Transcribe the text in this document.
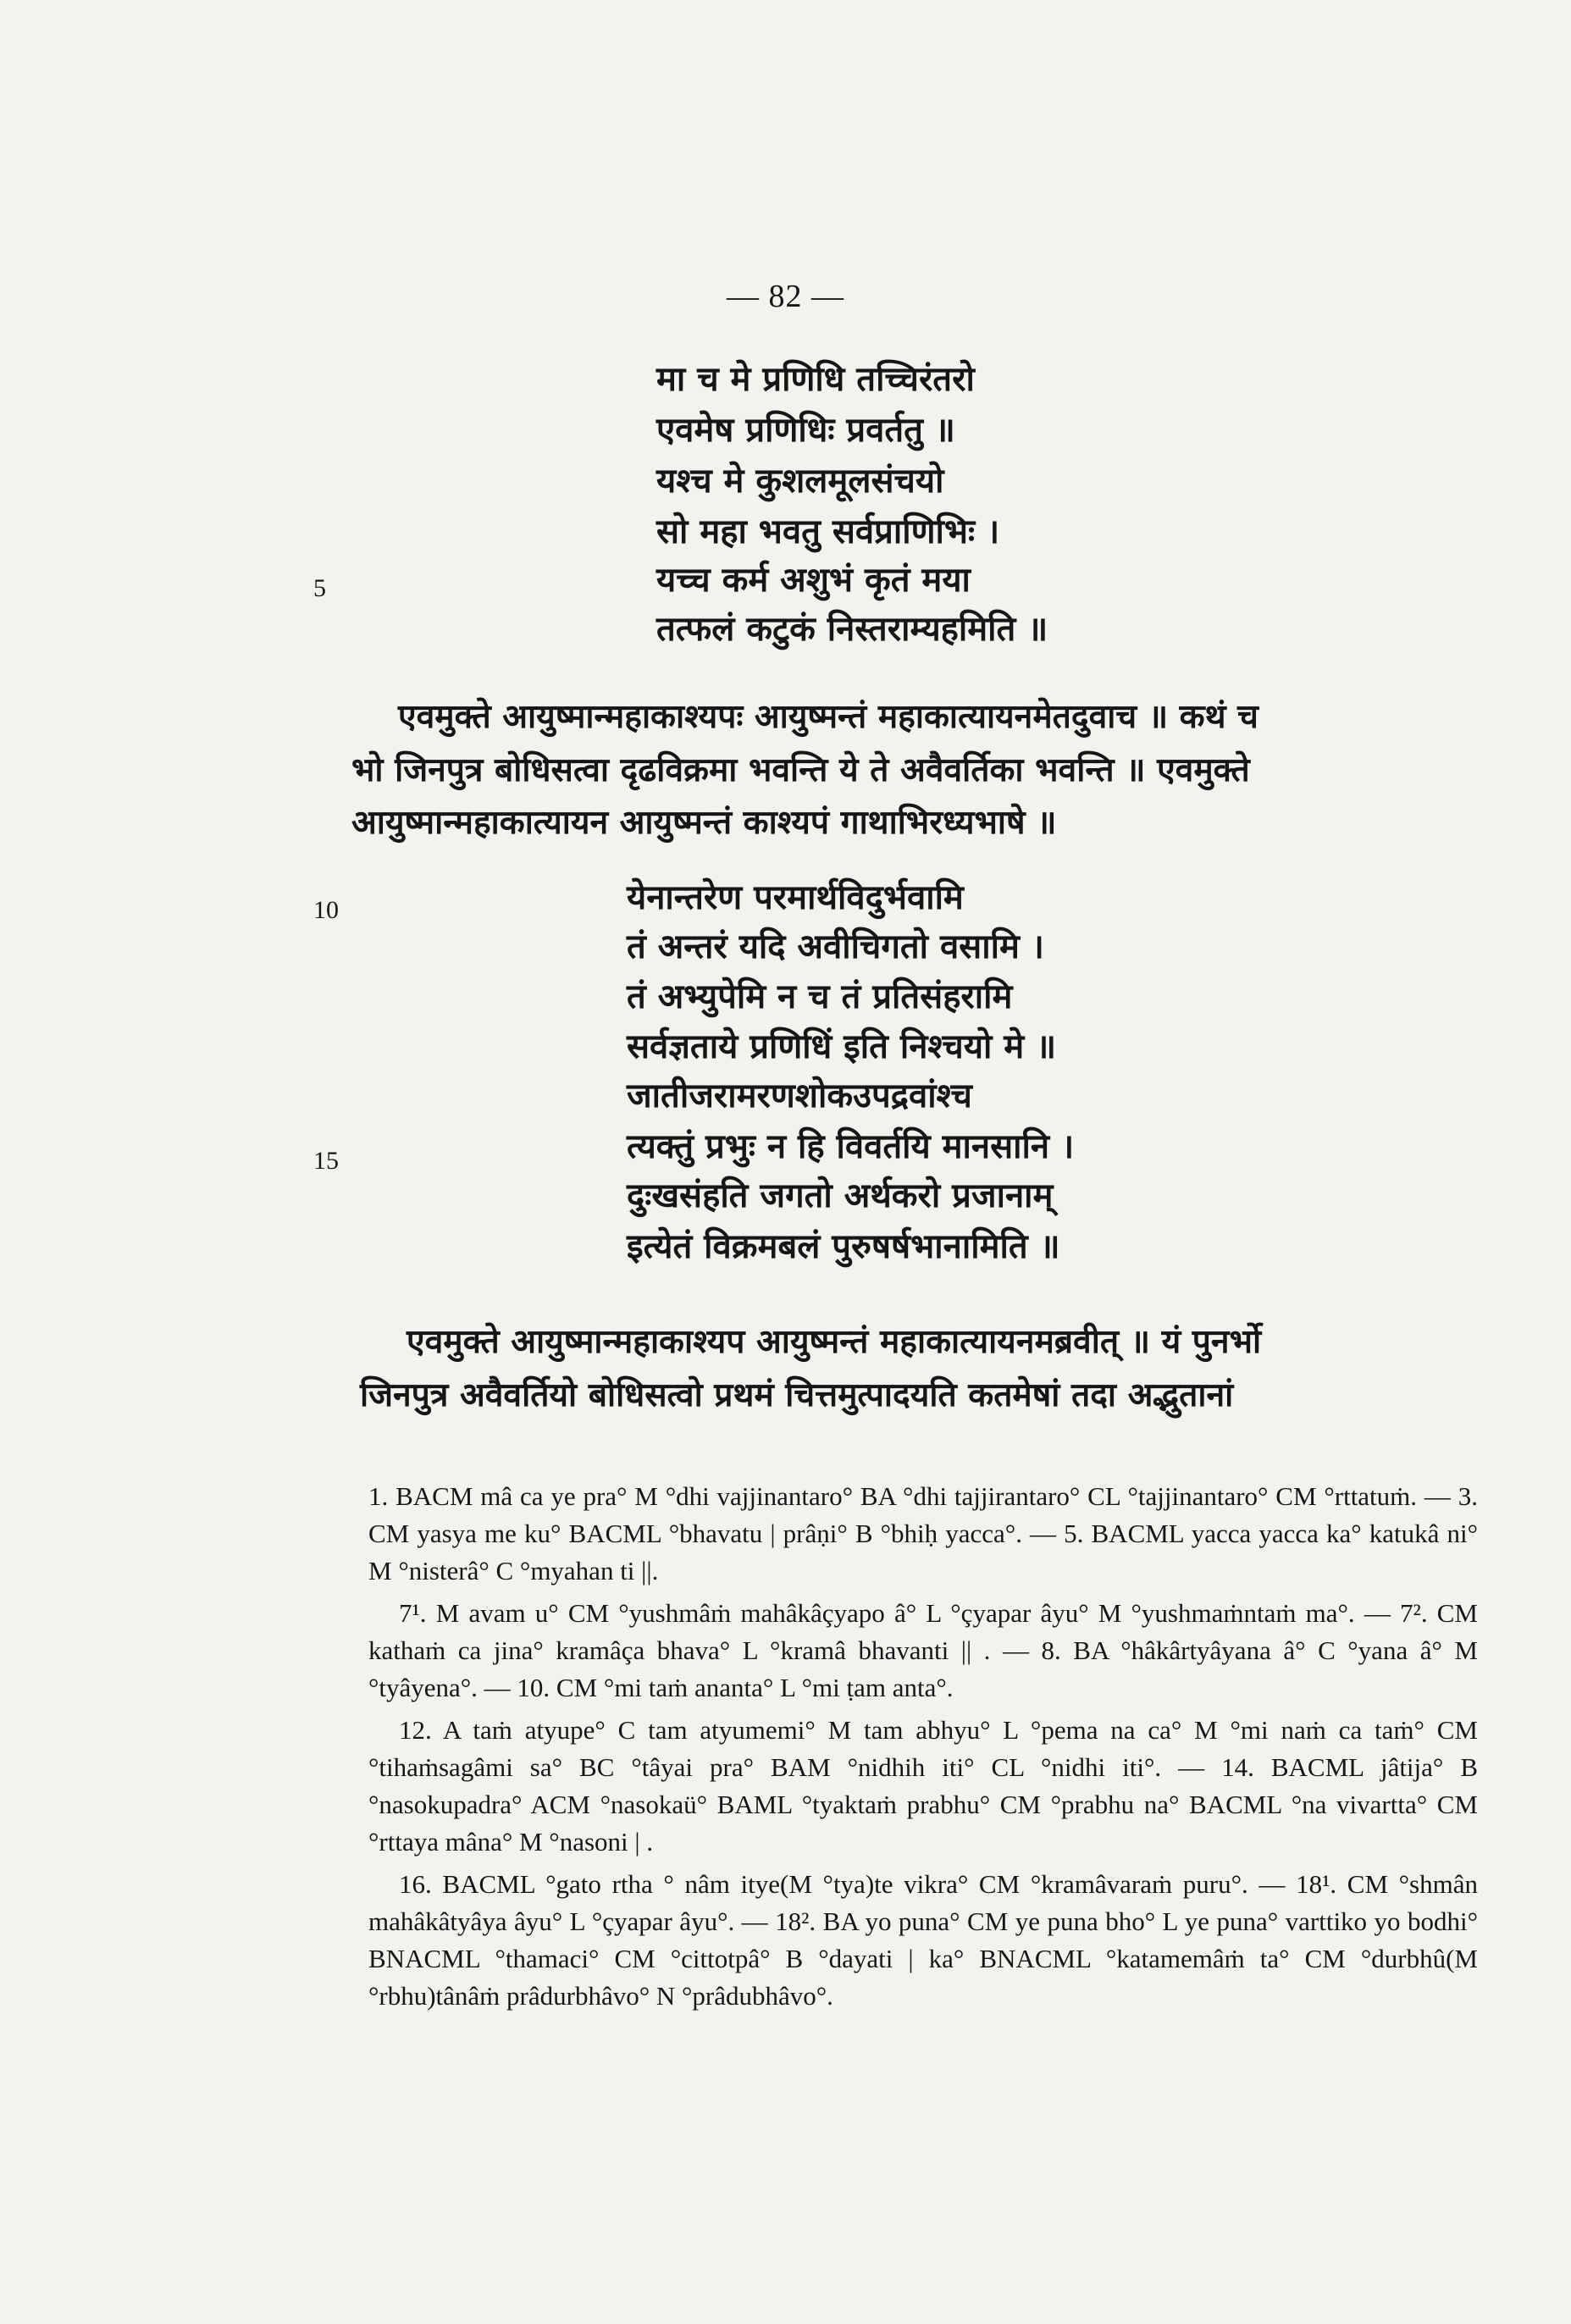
— 82 —
मा च मे प्रणिधि तच्चिरंतरो
एवमेष प्रणिधिः प्रवर्ततु ॥
यश्च मे कुशलमूलसंचयो
सो महा भवतु सर्वप्राणिभिः ।
यच्च कर्म अशुभं कृतं मया
तत्फलं कटुकं निस्तराम्यहमिति ॥
5
एवमुक्ते आयुष्मान्महाकाश्यपः आयुष्मन्तं महाकात्यायनमेतदुवाच ॥ कथं च
भो जिनपुत्र बोधिसत्वा दृढविक्रमा भवन्ति ये ते अवैवर्तिका भवन्ति ॥ एवमुक्ते
आयुष्मान्महाकात्यायन आयुष्मन्तं काश्यपं गाथाभिरध्यभाषे ॥
येनान्तरेण परमार्थविदुर्भवामि
तं अन्तरं यदि अवीचिगतो वसामि ।
तं अभ्युपेमि न च तं प्रतिसंहरामि
सर्वज्ञताये प्रणिधिं इति निश्चयो मे ॥
जातीजरामरणशोकउपद्रवांश्च
त्यक्तुं प्रभुः न हि विवर्तयि मानसानि ।
दुःखसंहति जगतो अर्थकरो प्रजानाम्
इत्येतं विक्रमबलं पुरुषर्षभानामिति ॥
10
15
एवमुक्ते आयुष्मान्महाकाश्यप आयुष्मन्तं महाकात्यायनमब्रवीत् ॥ यं पुनर्भो
जिनपुत्र अवैवर्तियो बोधिसत्वो प्रथमं चित्तमुत्पादयति कतमेषां तदा अद्भुतानां

1. BACM mâ ca ye pra° M °dhi vajjinantaro° BA °dhi tajjirantaro° CL °tajjinantaro° CM °rttatuṁ. — 3. CM yasya me ku° BACML °bhavatu | prâṇi° B °bhiḥ yacca°. — 5. BACML yacca yacca ka° katukâ ni° M °nisterâ° C °myahan ti ||.

7¹. M avam u° CM °yushmâṁ mahâkâçyapo â° L °çyapar âyu° M °yushmaṁntaṁ ma°. — 7². CM kathaṁ ca jina° kramâça bhava° L °kramâ bhavanti || . — 8. BA °hâkârtyâyana â° C °yana â° M °tyâyena°. — 10. CM °mi taṁ ananta° L °mi ṭam anta°.

12. A taṁ atyupe° C tam atyumemi° M tam abhyu° L °pema na ca° M °mi naṁ ca taṁ° CM °tihaṁsagâmi sa° BC °tâyai pra° BAM °nidhih iti° CL °nidhi iti°. — 14. BACML jâtija° B °nasokupadra° ACM °nasokaü° BAML °tyaktaṁ prabhu° CM °prabhu na° BACML °na vivartta° CM °rttaya mâna° M °nasoni | .

16. BACML °gato rtha ° nâm itye(M °tya)te vikra° CM °kramâvaraṁ puru°. — 18¹. CM °shmân mahâkâtyâya âyu° L °çyapar âyu°. — 18². BA yo puna° CM ye puna bho° L ye puna° varttiko yo bodhi° BNACML °thamaci° CM °cittotpâ° B °dayati | ka° BNACML °katamemâṁ ta° CM °durbhû(M °rbhu)tânâṁ prâdurbhâvo° N °prâdubhâvo°.
